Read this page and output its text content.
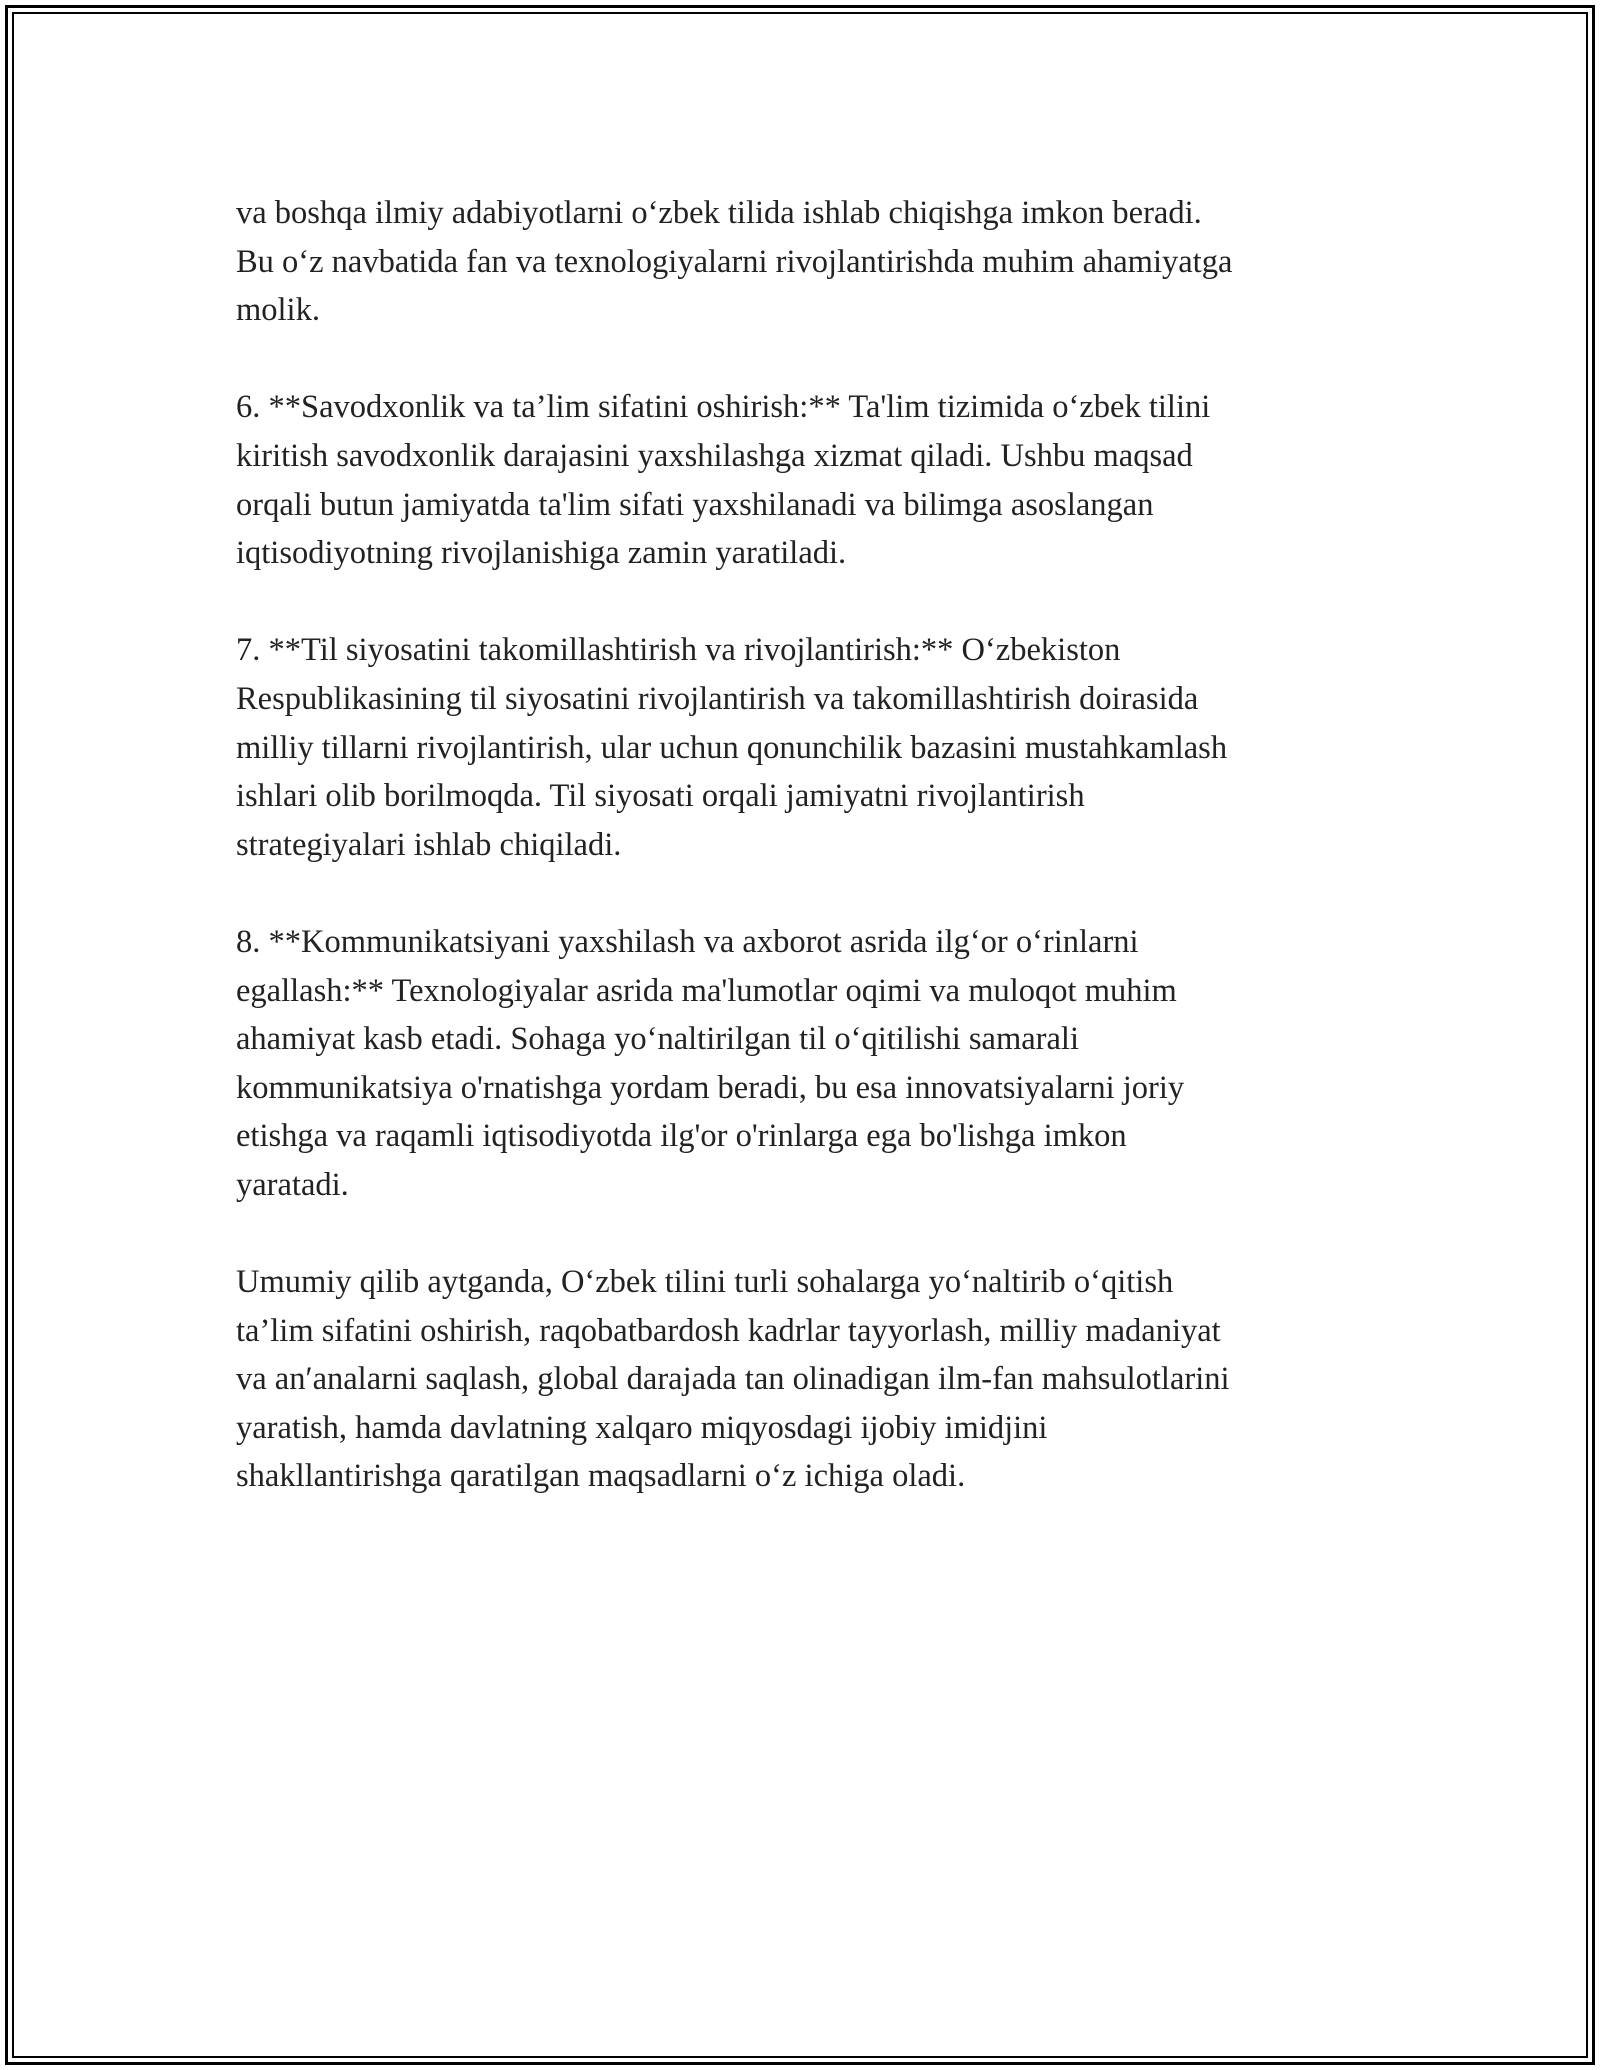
va boshqa ilmiy adabiyotlarni o‘zbek tilida ishlab chiqishga imkon beradi.
Bu o‘z navbatida fan va texnologiyalarni rivojlantirishda muhim ahamiyatga
molik.

6. **Savodxonlik va ta’lim sifatini oshirish:** Ta'lim tizimida o‘zbek tilini
kiritish savodxonlik darajasini yaxshilashga xizmat qiladi. Ushbu maqsad
orqali butun jamiyatda ta'lim sifati yaxshilanadi va bilimga asoslangan
iqtisodiyotning rivojlanishiga zamin yaratiladi.

7. **Til siyosatini takomillashtirish va rivojlantirish:** O‘zbekiston
Respublikasining til siyosatini rivojlantirish va takomillashtirish doirasida
milliy tillarni rivojlantirish, ular uchun qonunchilik bazasini mustahkamlash
ishlari olib borilmoqda. Til siyosati orqali jamiyatni rivojlantirish
strategiyalari ishlab chiqiladi.

8. **Kommunikatsiyani yaxshilash va axborot asrida ilg‘or o‘rinlarni
egallash:** Texnologiyalar asrida ma'lumotlar oqimi va muloqot muhim
ahamiyat kasb etadi. Sohaga yo‘naltirilgan til o‘qitilishi samarali
kommunikatsiya o'rnatishga yordam beradi, bu esa innovatsiyalarni joriy
etishga va raqamli iqtisodiyotda ilg'or o'rinlarga ega bo'lishga imkon
yaratadi.

Umumiy qilib aytganda, O‘zbek tilini turli sohalarga yo‘naltirib o‘qitish
ta’lim sifatini oshirish, raqobatbardosh kadrlar tayyorlash, milliy madaniyat
va an′analarni saqlash, global darajada tan olinadigan ilm-fan mahsulotlarini
yaratish, hamda davlatning xalqaro miqyosdagi ijobiy imidjini
shakllantirishga qaratilgan maqsadlarni o‘z ichiga oladi.
